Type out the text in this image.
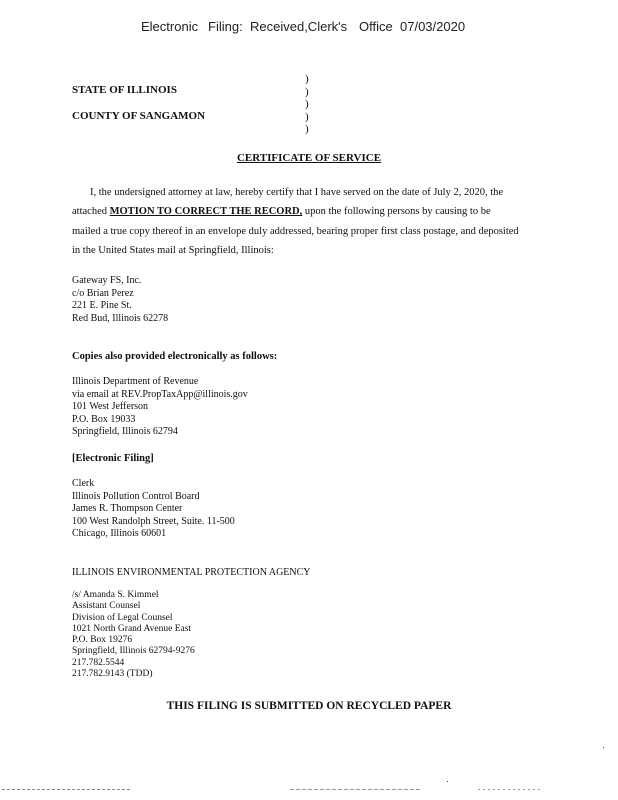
Electronic Filing: Received,Clerk's Office 07/03/2020
STATE OF ILLINOIS
COUNTY OF SANGAMON
)
)
)
)
)
CERTIFICATE OF SERVICE
I, the undersigned attorney at law, hereby certify that I have served on the date of July 2, 2020, the
attached MOTION TO CORRECT THE RECORD, upon the following persons by causing to be
mailed a true copy thereof in an envelope duly addressed, bearing proper first class postage, and deposited
in the United States mail at Springfield, Illinois:
Gateway FS, Inc.
c/o Brian Perez
221 E. Pine St.
Red Bud, Illinois 62278
Copies also provided electronically as follows:
Illinois Department of Revenue
via email at REV.PropTaxApp@illinois.gov
101 West Jefferson
P.O. Box 19033
Springfield, Illinois 62794
[Electronic Filing]
Clerk
Illinois Pollution Control Board
James R. Thompson Center
100 West Randolph Street, Suite. 11-500
Chicago, Illinois 60601
ILLINOIS ENVIRONMENTAL PROTECTION AGENCY
/s/ Amanda S. Kimmel
Assistant Counsel
Division of Legal Counsel
1021 North Grand Avenue East
P.O. Box 19276
Springfield, Illinois 62794-9276
217.782.5544
217.782.9143 (TDD)
THIS FILING IS SUBMITTED ON RECYCLED PAPER
